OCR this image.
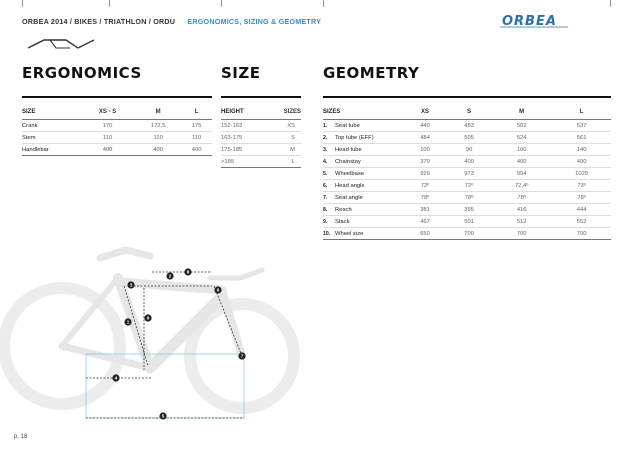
ORBEA 2014 / BIKES / TRIATHLON / ORDU ERGONOMICS, SIZING & GEOMETRY	ORBEA
ERGONOMICS
SIZE	XS - S	M	L
Crank	170	172,5	175
Stem	110	110	110
Handlebar	400	400	400
SIZE
HEIGHT	SIZES
152-163	XS
163-175	S
175-185	M
>185	L
GEOMETRY
SIZES	XS	S	M	L
1. Seat tube	440	483	502	537
2. Top tube (EFF)	484	505	524	561
3. Head tube	100	90	100	140
4. Chainstay	370	400	400	400
5. Wheelbase	929	973	994	1029
6. Head angle	72º	72º	72,4º	73º
7. Seat angle	78º	78º	78º	78º
8. Reach	381	395	416	444
9. Stack	467	501	512	552
10. Wheel size	650	700	700	700
1
2
3
4
5
6
7
8
9
p. 18
